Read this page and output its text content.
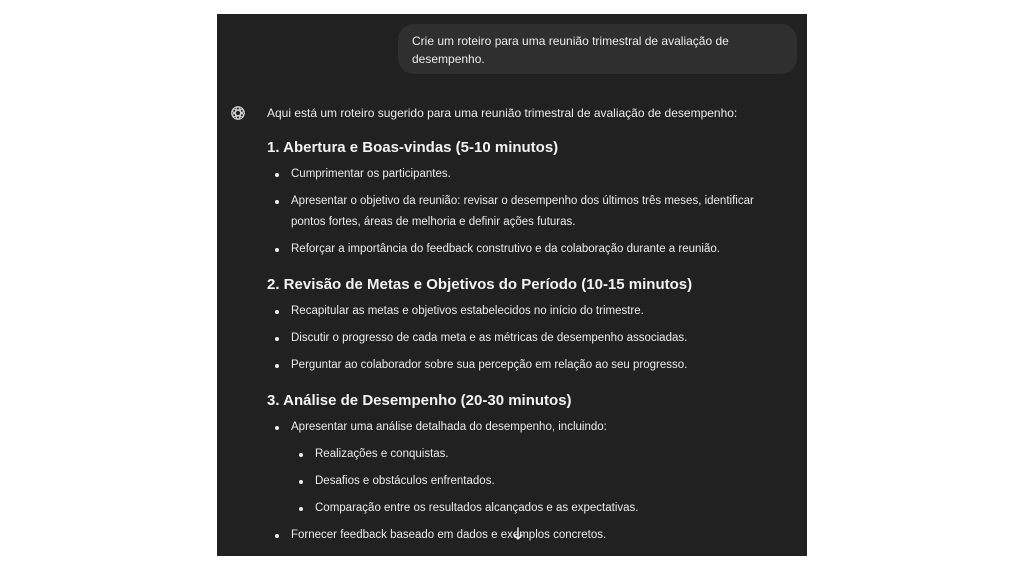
Crie um roteiro para uma reunião trimestral de avaliação de desempenho.

Aqui está um roteiro sugerido para uma reunião trimestral de avaliação de desempenho:

1. Abertura e Boas-vindas (5-10 minutos)
Cumprimentar os participantes.
Apresentar o objetivo da reunião: revisar o desempenho dos últimos três meses, identificar pontos fortes, áreas de melhoria e definir ações futuras.
Reforçar a importância do feedback construtivo e da colaboração durante a reunião.
2. Revisão de Metas e Objetivos do Período (10-15 minutos)
Recapitular as metas e objetivos estabelecidos no início do trimestre.
Discutir o progresso de cada meta e as métricas de desempenho associadas.
Perguntar ao colaborador sobre sua percepção em relação ao seu progresso.
3. Análise de Desempenho (20-30 minutos)
Apresentar uma análise detalhada do desempenho, incluindo:
Realizações e conquistas.
Desafios e obstáculos enfrentados.
Comparação entre os resultados alcançados e as expectativas.
Fornecer feedback baseado em dados e exemplos concretos.
